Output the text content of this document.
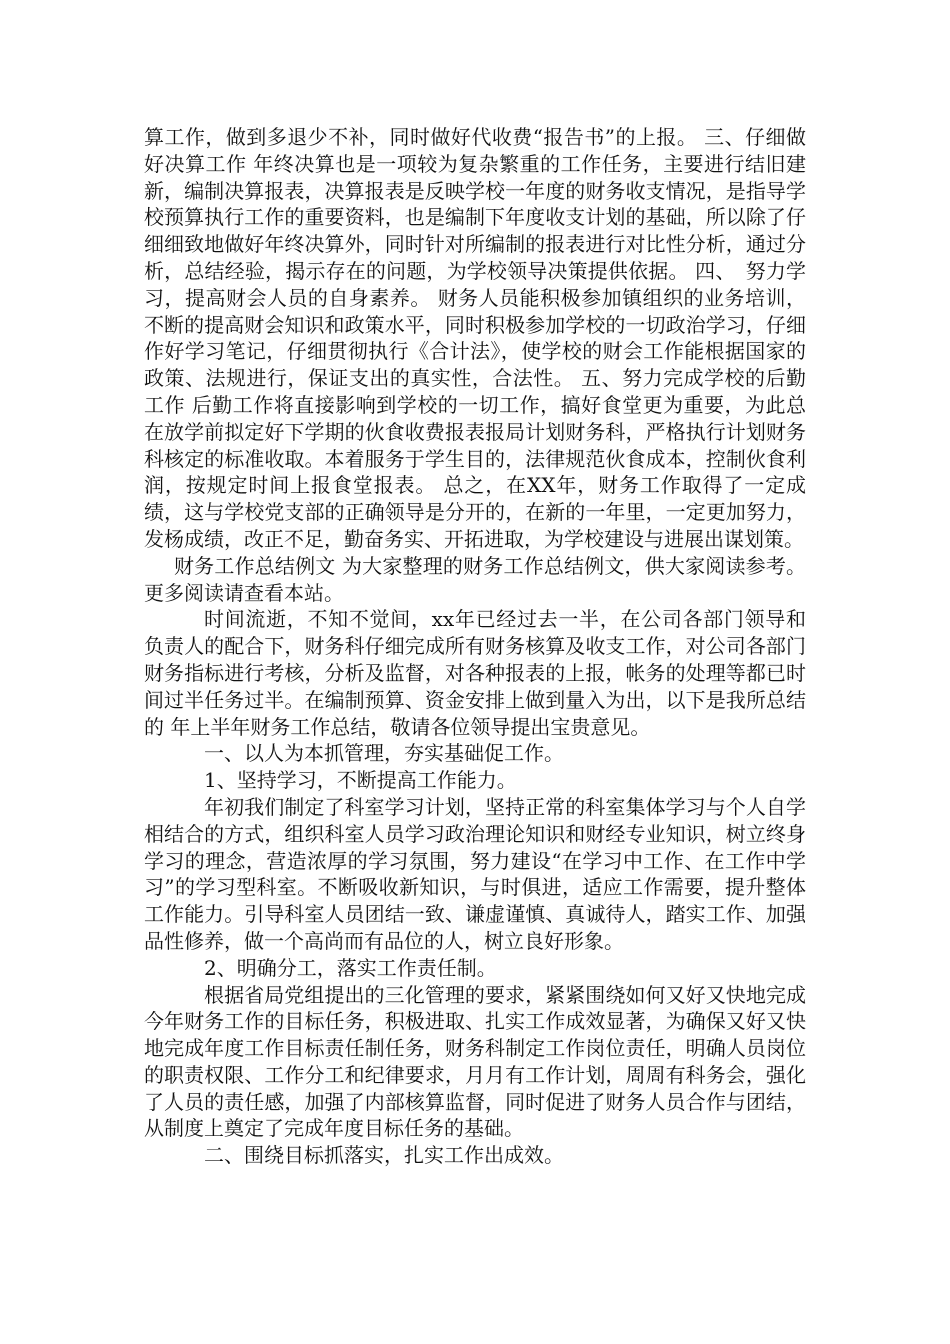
算工作，做到多退少不补，同时做好代收费“报告书”的上报。 三、仔细做好决算工作 年终决算也是一项较为复杂繁重的工作任务，主要进行结旧建新，编制决算报表，决算报表是反映学校一年度的财务收支情况，是指导学校预算执行工作的重要资料，也是编制下年度收支计划的基础，所以除了仔细细致地做好年终决算外，同时针对所编制的报表进行对比性分析，通过分析，总结经验，揭示存在的问题，为学校领导决策提供依据。 四、　努力学习，提高财会人员的自身素养。 财务人员能积极参加镇组织的业务培训，不断的提高财会知识和政策水平，同时积极参加学校的一切政治学习，仔细作好学习笔记，仔细贯彻执行《合计法》，使学校的财会工作能根据国家的政策、法规进行，保证支出的真实性，合法性。 五、努力完成学校的后勤工作 后勤工作将直接影响到学校的一切工作，搞好食堂更为重要，为此总在放学前拟定好下学期的伙食收费报表报局计划财务科，严格执行计划财务科核定的标准收取。本着服务于学生目的，法律规范伙食成本，控制伙食利润，按规定时间上报食堂报表。 总之，在XX年，财务工作取得了一定成绩，这与学校党支部的正确领导是分开的，在新的一年里，一定更加努力，发杨成绩，改正不足，勤奋务实、开拓进取，为学校建设与进展出谋划策。

财务工作总结例文 为大家整理的财务工作总结例文，供大家阅读参考。更多阅读请查看本站。

时间流逝，不知不觉间，xx年已经过去一半，在公司各部门领导和负责人的配合下，财务科仔细完成所有财务核算及收支工作，对公司各部门财务指标进行考核，分析及监督，对各种报表的上报，帐务的处理等都已时间过半任务过半。在编制预算、资金安排上做到量入为出，以下是我所总结的 年上半年财务工作总结，敬请各位领导提出宝贵意见。

一、以人为本抓管理，夯实基础促工作。

1、坚持学习，不断提高工作能力。

年初我们制定了科室学习计划，坚持正常的科室集体学习与个人自学相结合的方式，组织科室人员学习政治理论知识和财经专业知识，树立终身学习的理念，营造浓厚的学习氛围，努力建设“在学习中工作、在工作中学习”的学习型科室。不断吸收新知识，与时俱进，适应工作需要，提升整体工作能力。引导科室人员团结一致、谦虚谨慎、真诚待人，踏实工作、加强品性修养，做一个高尚而有品位的人，树立良好形象。

2、明确分工，落实工作责任制。

根据省局党组提出的三化管理的要求，紧紧围绕如何又好又快地完成今年财务工作的目标任务，积极进取、扎实工作成效显著，为确保又好又快地完成年度工作目标责任制任务，财务科制定工作岗位责任，明确人员岗位的职责权限、工作分工和纪律要求，月月有工作计划，周周有科务会，强化了人员的责任感，加强了内部核算监督，同时促进了财务人员合作与团结，从制度上奠定了完成年度目标任务的基础。

二、围绕目标抓落实，扎实工作出成效。
